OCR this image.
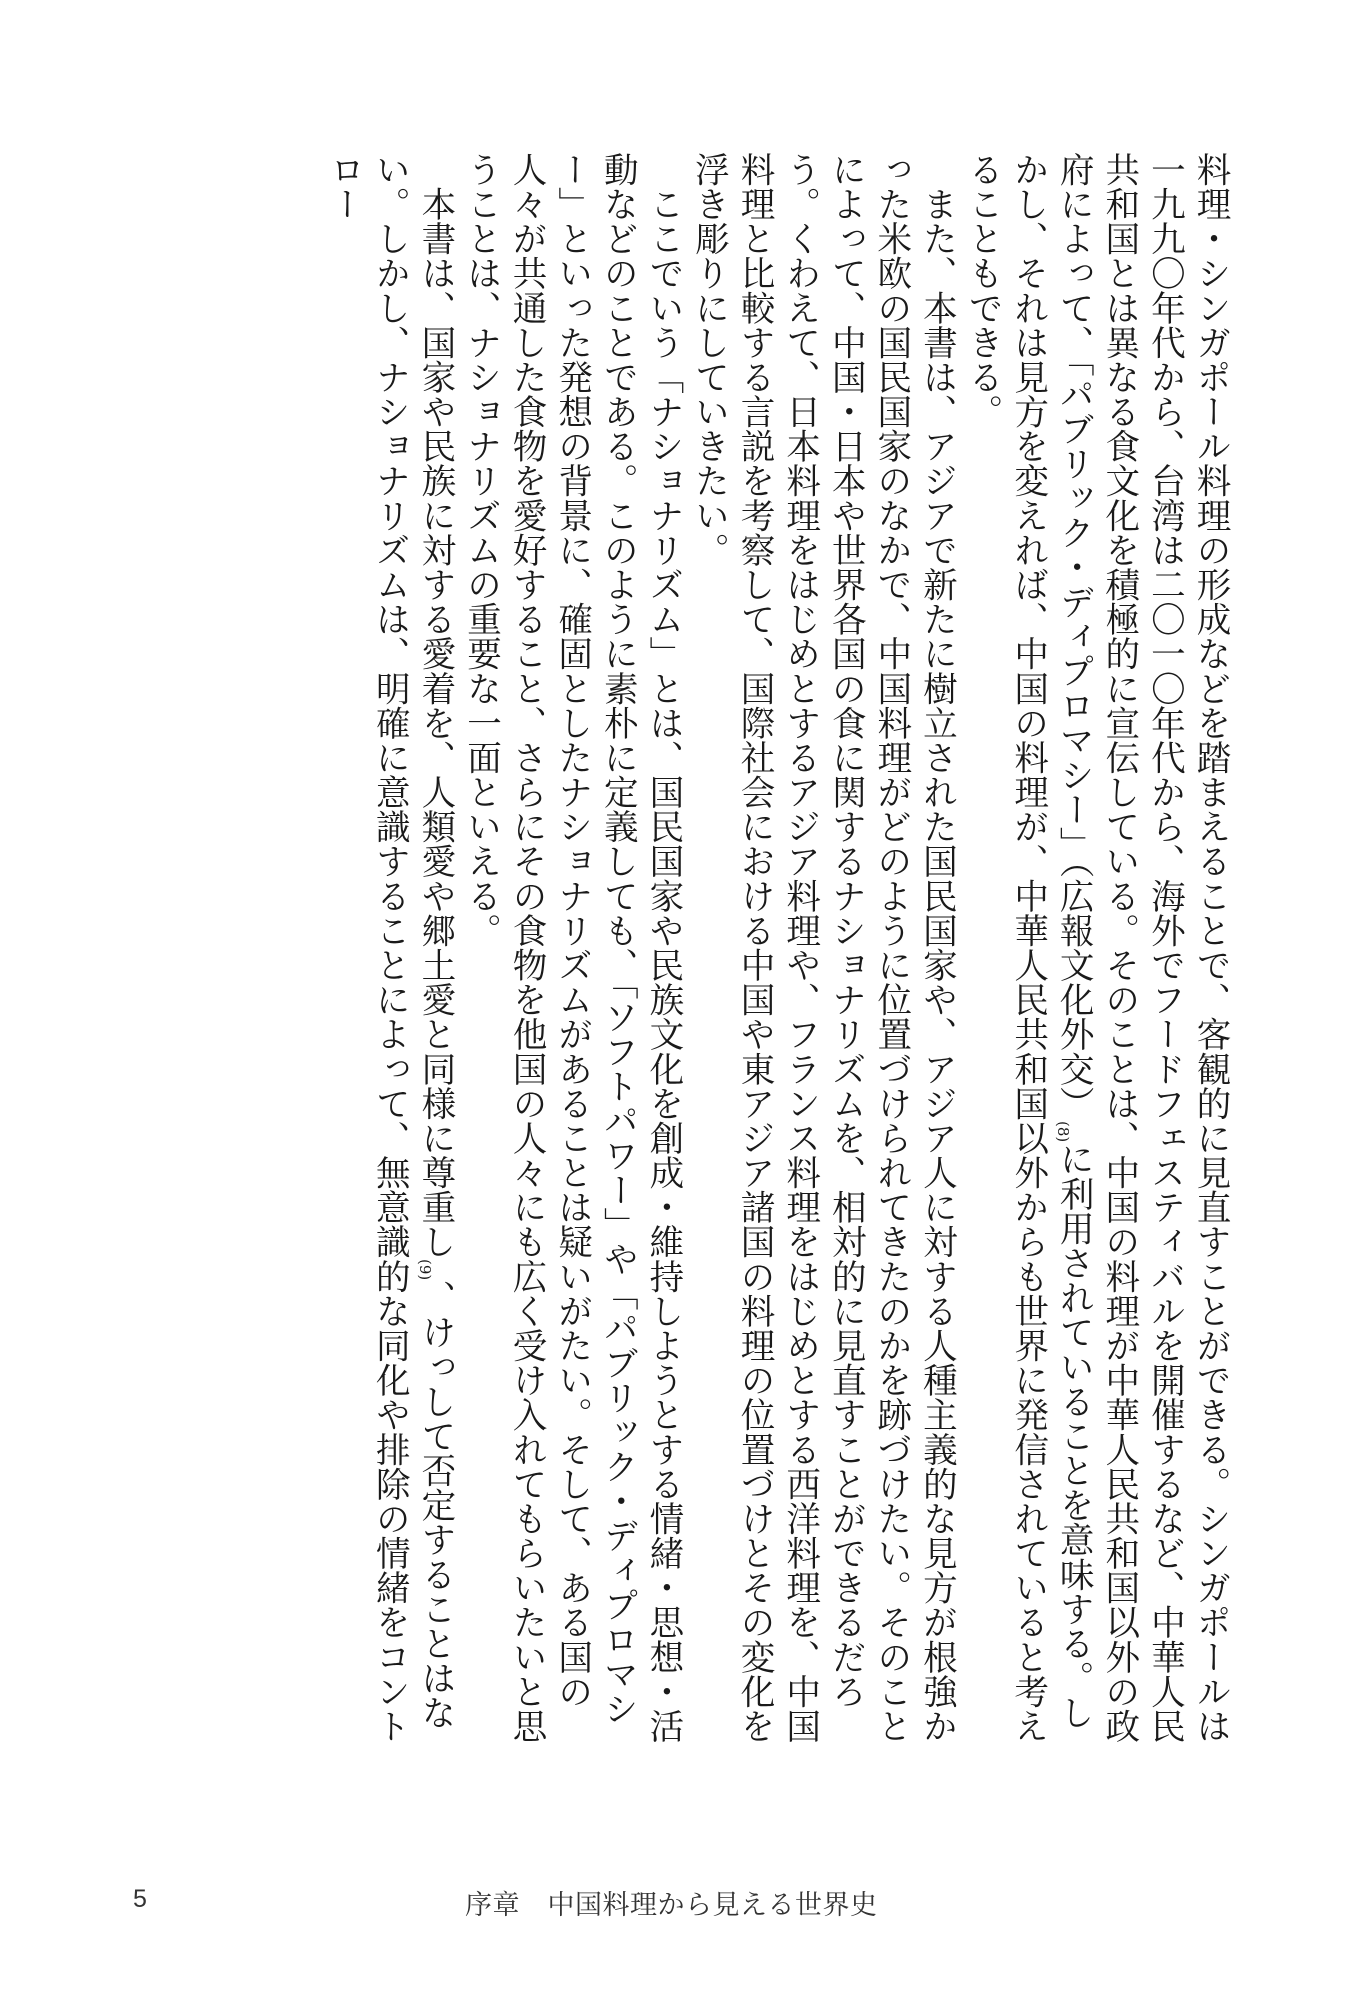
料理・シンガポール料理の形成などを踏まえることで、客観的に見直すことができる。シンガポールは一九九〇年代から、台湾は二〇一〇年代から、海外でフードフェスティバルを開催するなど、中華人民共和国とは異なる食文化を積極的に宣伝している。そのことは、中国の料理が中華人民共和国以外の政府によって、「パブリック・ディプロマシー」（広報文化外交）(8)に利用されていることを意味する。しかし、それは見方を変えれば、中国の料理が、中華人民共和国以外からも世界に発信されていると考えることもできる。

　また、本書は、アジアで新たに樹立された国民国家や、アジア人に対する人種主義的な見方が根強かった米欧の国民国家のなかで、中国料理がどのように位置づけられてきたのかを跡づけたい。そのことによって、中国・日本や世界各国の食に関するナショナリズムを、相対的に見直すことができるだろう。くわえて、日本料理をはじめとするアジア料理や、フランス料理をはじめとする西洋料理を、中国料理と比較する言説を考察して、国際社会における中国や東アジア諸国の料理の位置づけとその変化を浮き彫りにしていきたい。

　ここでいう「ナショナリズム」とは、国民国家や民族文化を創成・維持しようとする情緒・思想・活動などのことである。このように素朴に定義しても、「ソフトパワー」や「パブリック・ディプロマシー」といった発想の背景に、確固としたナショナリズムがあることは疑いがたい。そして、ある国の人々が共通した食物を愛好すること、さらにその食物を他国の人々にも広く受け入れてもらいたいと思うことは、ナショナリズムの重要な一面といえる。

　本書は、国家や民族に対する愛着を、人類愛や郷土愛と同様に尊重し(9)、けっして否定することはない。しかし、ナショナリズムは、明確に意識することによって、無意識的な同化や排除の情緒をコントロー

5	序章　中国料理から見える世界史
